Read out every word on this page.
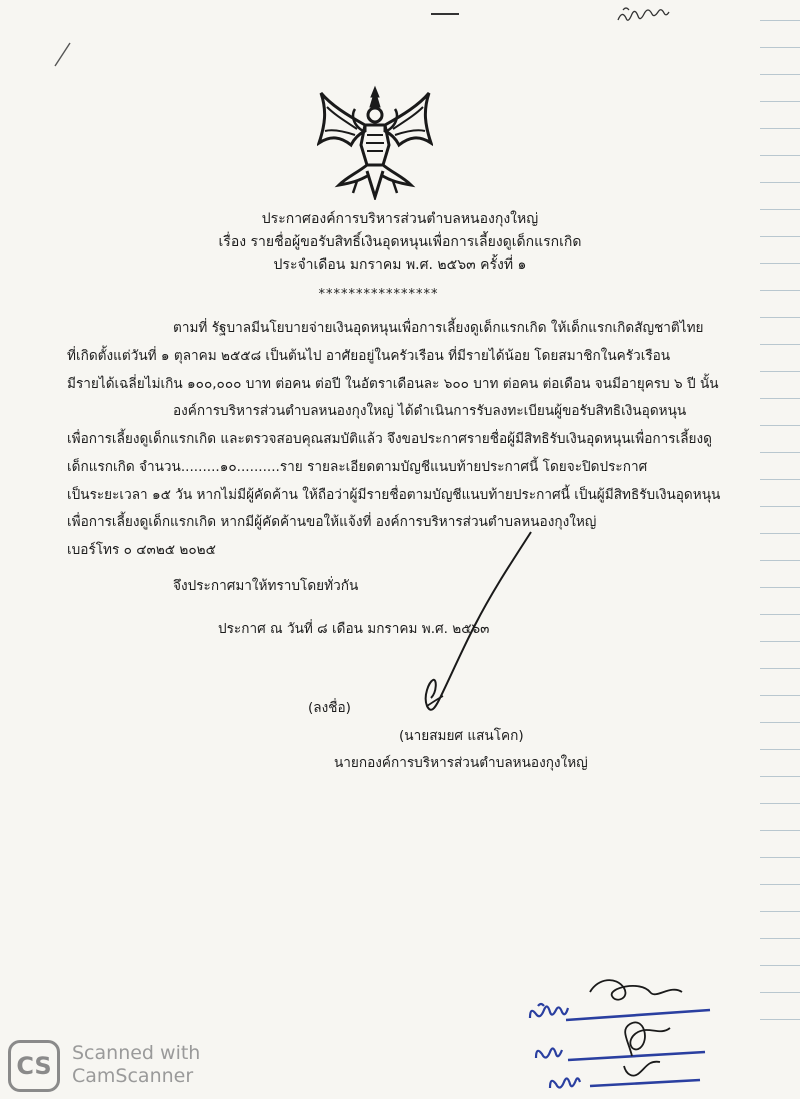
ประกาศองค์การบริหารส่วนตำบลหนองกุงใหญ่
เรื่อง รายชื่อผู้ขอรับสิทธิ์เงินอุดหนุนเพื่อการเลี้ยงดูเด็กแรกเกิด
ประจำเดือน มกราคม พ.ศ. ๒๕๖๓ ครั้งที่ ๑
****************
ตามที่ รัฐบาลมีนโยบายจ่ายเงินอุดหนุนเพื่อการเลี้ยงดูเด็กแรกเกิด ให้เด็กแรกเกิดสัญชาติไทย
ที่เกิดตั้งแต่วันที่ ๑ ตุลาคม ๒๕๕๘ เป็นต้นไป อาศัยอยู่ในครัวเรือน ที่มีรายได้น้อย โดยสมาชิกในครัวเรือน
มีรายได้เฉลี่ยไม่เกิน ๑๐๐,๐๐๐ บาท ต่อคน ต่อปี ในอัตราเดือนละ ๖๐๐ บาท ต่อคน ต่อเดือน จนมีอายุครบ ๖ ปี นั้น
องค์การบริหารส่วนตำบลหนองกุงใหญ่ ได้ดำเนินการรับลงทะเบียนผู้ขอรับสิทธิเงินอุดหนุน
เพื่อการเลี้ยงดูเด็กแรกเกิด และตรวจสอบคุณสมบัติแล้ว จึงขอประกาศรายชื่อผู้มีสิทธิรับเงินอุดหนุนเพื่อการเลี้ยงดู
เด็กแรกเกิด จำนวน.........๑๐..........ราย รายละเอียดตามบัญชีแนบท้ายประกาศนี้ โดยจะปิดประกาศ
เป็นระยะเวลา ๑๕ วัน หากไม่มีผู้คัดค้าน ให้ถือว่าผู้มีรายชื่อตามบัญชีแนบท้ายประกาศนี้ เป็นผู้มีสิทธิรับเงินอุดหนุน
เพื่อการเลี้ยงดูเด็กแรกเกิด หากมีผู้คัดค้านขอให้แจ้งที่ องค์การบริหารส่วนตำบลหนองกุงใหญ่
เบอร์โทร ๐ ๔๓๒๕ ๒๐๒๕
จึงประกาศมาให้ทราบโดยทั่วกัน
ประกาศ ณ วันที่ ๘ เดือน มกราคม พ.ศ. ๒๕๖๓
(ลงชื่อ)
(นายสมยศ แสนโคก)
นายกองค์การบริหารส่วนตำบลหนองกุงใหญ่
CS	Scanned with
CamScanner
